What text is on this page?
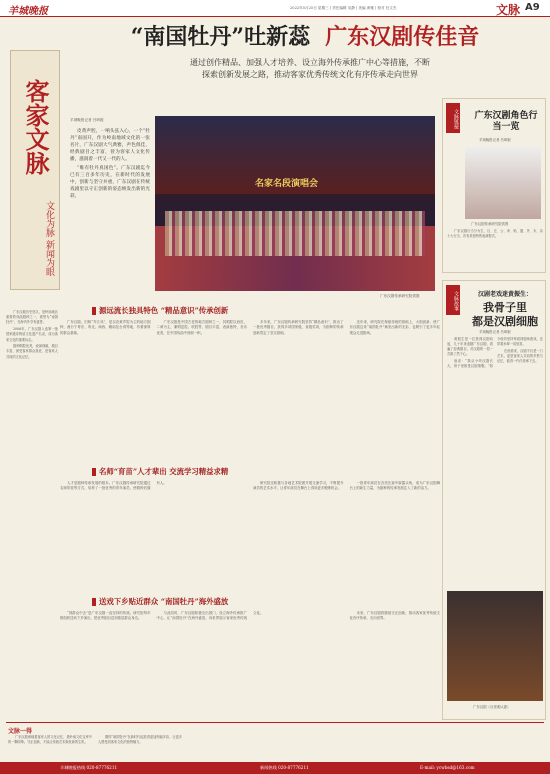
羊城晚报	2022年5月25日 星期三 | 责任编辑 吴静 | 美编 黄雅 | 校对 杜文杰	文脉 A9
客家文脉
文化为脉 新闻为眼
“南国牡丹”吐新蕊 广东汉剧传佳音
通过创作精品、加强人才培养、设立海外传承推广中心等措施，不断
探索创新发展之路，推动客家优秀传统文化有序传承走向世界
羊城晚报记者 吕琦妮

皮黄声腔，一响头弦入心，一个“牡丹”南国开，作为岭南地域文化的一张名片，广东汉剧大气典雅，声色俱佳，经典剧目之丰富，曾为客家人文化传播，滋润着一代又一代的人。

“唯有牡丹真国色”。广东汉剧迄今已有三百多年历史，在新时代的发展中，创新与坚守并重，广东汉剧在传统戏剧里以守正创新的姿态焕发出新的光彩。

名家名段演唱会
广东汉剧传承研究院供图
源远流长独具特色 “精品意识”传承创新

广东汉剧，旧称“外江戏”，是以皮黄声腔为主的地方剧种，流行于粤东、粤北、闽西、赣南及台湾等地，有着深厚的群众基础。

广东汉剧是中国古老的地方剧种之一，其唱腔以西皮、二黄为主，兼唱昆腔、吹腔等，剧目丰富，表演独特，音乐优美，在中国戏曲中独树一帜。

多年来，广东汉剧传承研究院坚持“精品意识”，推出了一批优秀剧目，获得多项国家级、省级奖项，为剧种的传承创新奠定了坚实基础。

近年来，研究院在保留传统的基础上，大胆创新，使广东汉剧这朵“南国牡丹”焕发出新的光彩，也吸引了更多年轻观众走进剧场。

名师“育苗”人才辈出 交流学习精益求精

人才是剧种传承发展的根本。广东汉剧传承研究院通过名师带徒等方式，培养了一批优秀的青年演员，使剧种后继有人。	研究院还积极与各地艺术院团开展交流学习，不断提升演员的艺术水平，让青年演员在舞台上得到更多锻炼机会。

一批青年演员在各类比赛中崭露头角，成为广东汉剧舞台上的新生力量，为剧种的传承发展注入了新的活力。

送戏下乡贴近群众 “南国牡丹”海外盛放

“到群众中去”是广东汉剧一直坚持的传统。研究院每年都组织送戏下乡演出，把优秀剧目送到基层群众身边。

与此同时，广东汉剧积极走出国门，设立海外传承推广中心，让“南国牡丹”在海外盛放，向世界展示客家优秀传统文化。	未来，广东汉剧将继续守正创新，推动客家优秀传统文化有序传承，走向世界。

广东汉剧历史悠久，是岭南地区重要的戏曲剧种之一，被誉为“南国牡丹”，在海内外享有盛誉。

2006年，广东汉剧入选第一批国家级非物质文化遗产名录，成为客家文化的重要标志。

剧种唱腔优美，表演细腻，剧目丰富，深受客家群众喜爱，是客家人共同的文化记忆。

文脉链接	广东汉剧角色行当一览
羊城晚报记者 吕琦妮
广东汉剧传承研究院供图

广东汉剧行当分为生、旦、丑、公、净、贴、婆、外、末、杂十大行当，各有其独特的表演程式。

文脉故事	汉剧老戏迷黄振生：
我骨子里
都是汉剧细胞
羊城晚报记者 吕琦妮

黄振生是一位资深汉剧戏迷，几十年来追随广东汉剧，看遍了经典剧目，对汉剧的一招一式都了然于心。

他说：“我从小听汉剧长大，骨子里都是汉剧细胞。”如今他仍坚持每周到剧场看戏，还带着孙辈一同欣赏。

在他看来，汉剧不仅是一门艺术，更是客家人共同的乡愁与记忆，值得一代代传承下去。

广东汉剧《百里奚认妻》
文脉一得

广东汉剧承载着客家人的文化记忆，是岭南文化宝库中的一颗明珠。守正创新，才能让传统艺术焕发新的生机。

期待“南国牡丹”在新时代绽放得更加绚丽多彩，让更多人感受到客家文化的独特魅力。

羊城晚报热线 020-87776211	新闻热线 020-87776211	E-mail: ycwbsd@163.com
